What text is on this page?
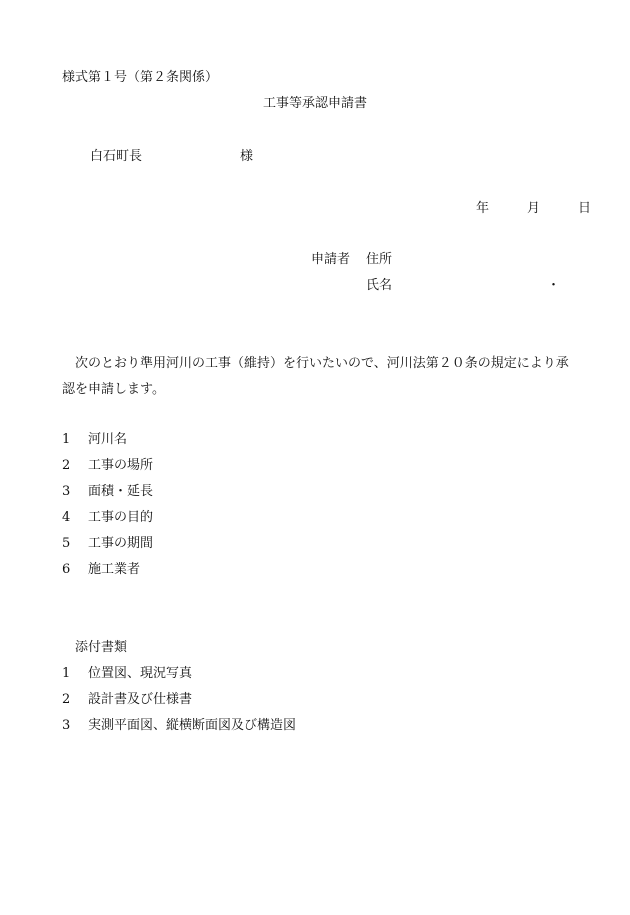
様式第１号（第２条関係）
工事等承認申請書
白石町長	様
年	月	日
申請者 住所
氏名	・
次のとおり準用河川の工事（維持）を行いたいので、河川法第２０条の規定により承認を申請します。
1	河川名
2	工事の場所
3	面積・延長
4	工事の目的
5	工事の期間
6	施工業者
添付書類
1	位置図、現況写真
2	設計書及び仕様書
3	実測平面図、縦横断面図及び構造図
